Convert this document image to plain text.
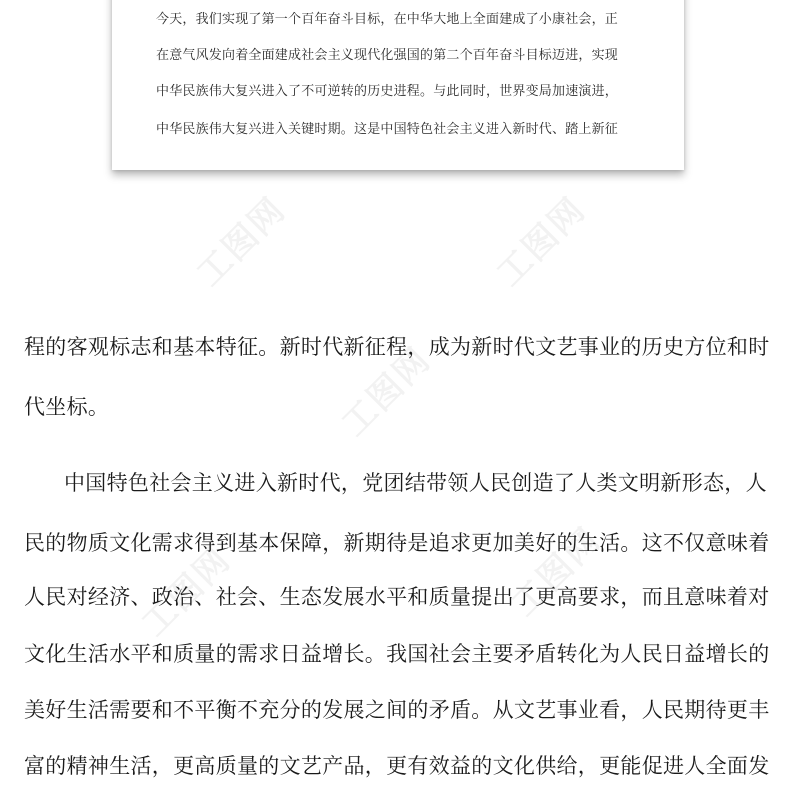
工图网	工图网
工图网
工图网	工图网
今天，我们实现了第一个百年奋斗目标，在中华大地上全面建成了小康社会，正
在意气风发向着全面建成社会主义现代化强国的第二个百年奋斗目标迈进，实现
中华民族伟大复兴进入了不可逆转的历史进程。与此同时，世界变局加速演进，
中华民族伟大复兴进入关键时期。这是中国特色社会主义进入新时代、踏上新征
程的客观标志和基本特征。新时代新征程，成为新时代文艺事业的历史方位和时
代坐标。
中国特色社会主义进入新时代，党团结带领人民创造了人类文明新形态，人
民的物质文化需求得到基本保障，新期待是追求更加美好的生活。这不仅意味着
人民对经济、政治、社会、生态发展水平和质量提出了更高要求，而且意味着对
文化生活水平和质量的需求日益增长。我国社会主要矛盾转化为人民日益增长的
美好生活需要和不平衡不充分的发展之间的矛盾。从文艺事业看，人民期待更丰
富的精神生活，更高质量的文艺产品，更有效益的文化供给，更能促进人全面发
